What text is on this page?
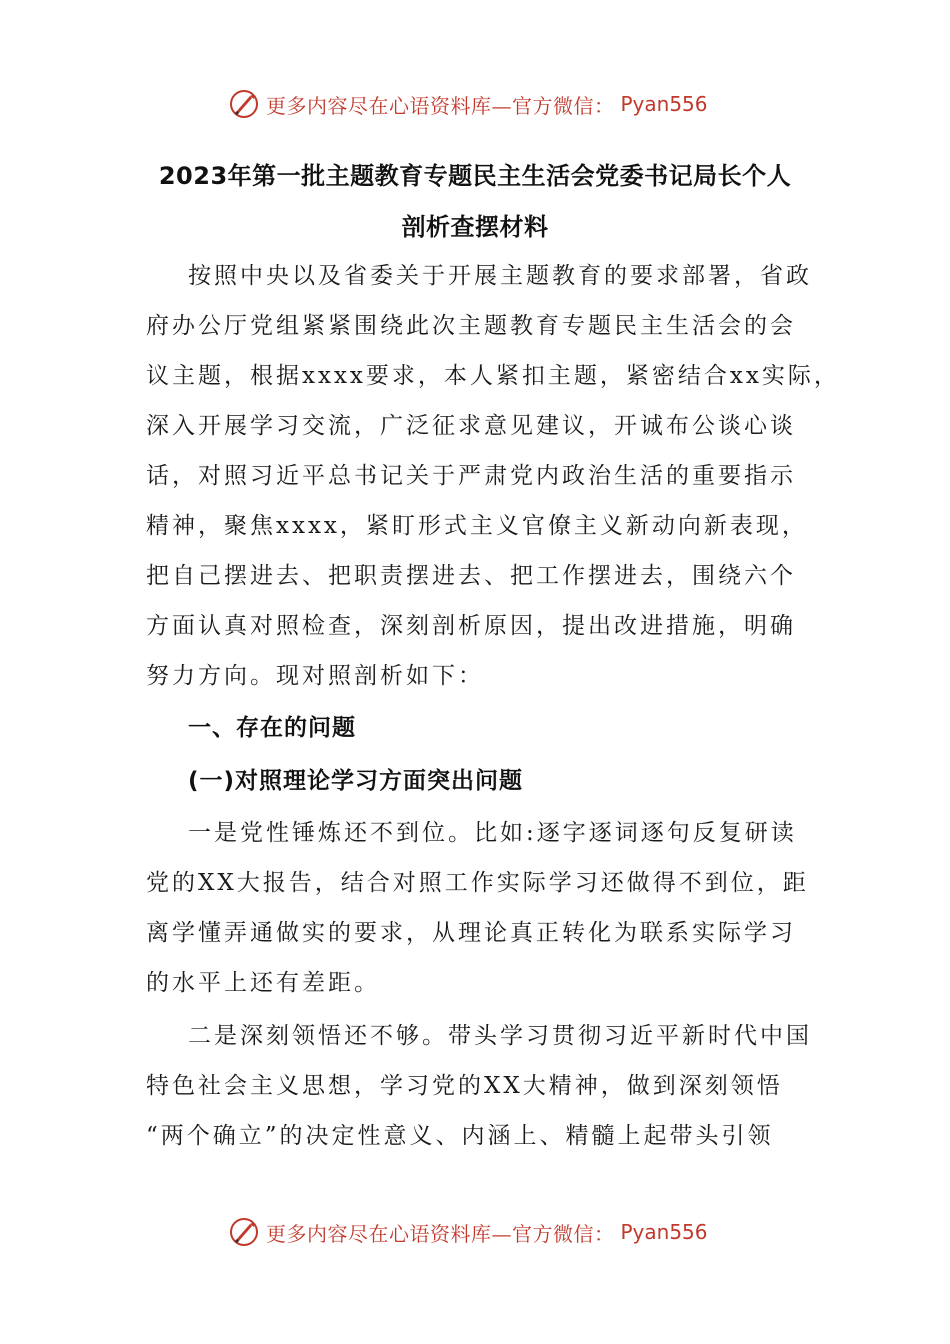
更多内容尽在心语资料库—官方微信： Pyan556
2023年第一批主题教育专题民主生活会党委书记局长个人
剖析查摆材料
按照中央以及省委关于开展主题教育的要求部署，省政
府办公厅党组紧紧围绕此次主题教育专题民主生活会的会
议主题，根据xxxx要求，本人紧扣主题，紧密结合xx实际，
深入开展学习交流，广泛征求意见建议，开诚布公谈心谈
话，对照习近平总书记关于严肃党内政治生活的重要指示
精神，聚焦xxxx，紧盯形式主义官僚主义新动向新表现，
把自己摆进去、把职责摆进去、把工作摆进去，围绕六个
方面认真对照检查，深刻剖析原因，提出改进措施，明确
努力方向。现对照剖析如下：
一、存在的问题
(一)对照理论学习方面突出问题
一是党性锤炼还不到位。比如:逐字逐词逐句反复研读
党的XX大报告，结合对照工作实际学习还做得不到位，距
离学懂弄通做实的要求，从理论真正转化为联系实际学习
的水平上还有差距。
二是深刻领悟还不够。带头学习贯彻习近平新时代中国
特色社会主义思想，学习党的XX大精神，做到深刻领悟
“两个确立”的决定性意义、内涵上、精髓上起带头引领
更多内容尽在心语资料库—官方微信： Pyan556
